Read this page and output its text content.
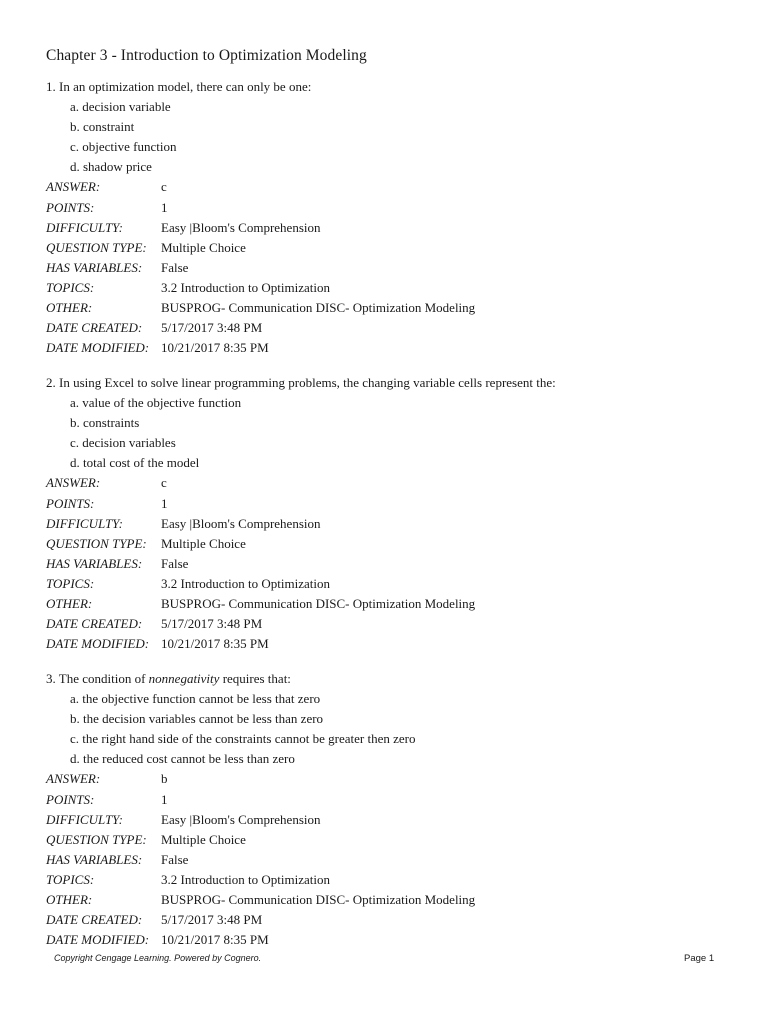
Chapter 3 - Introduction to Optimization Modeling
1. In an optimization model, there can only be one:
a. decision variable
b. constraint
c. objective function
d. shadow price
ANSWER:	c
POINTS:	1
DIFFICULTY:	Easy |Bloom's Comprehension
QUESTION TYPE:	Multiple Choice
HAS VARIABLES:	False
TOPICS:	3.2 Introduction to Optimization
OTHER:	BUSPROG- Communication DISC- Optimization Modeling
DATE CREATED:	5/17/2017 3:48 PM
DATE MODIFIED: 10/21/2017 8:35 PM
2. In using Excel to solve linear programming problems, the changing variable cells represent the:
a. value of the objective function
b. constraints
c. decision variables
d. total cost of the model
ANSWER:	c
POINTS:	1
DIFFICULTY:	Easy |Bloom's Comprehension
QUESTION TYPE:	Multiple Choice
HAS VARIABLES:	False
TOPICS:	3.2 Introduction to Optimization
OTHER:	BUSPROG- Communication DISC- Optimization Modeling
DATE CREATED:	5/17/2017 3:48 PM
DATE MODIFIED: 10/21/2017 8:35 PM
3. The condition of nonnegativity requires that:
a. the objective function cannot be less that zero
b. the decision variables cannot be less than zero
c. the right hand side of the constraints cannot be greater then zero
d. the reduced cost cannot be less than zero
ANSWER:	b
POINTS:	1
DIFFICULTY:	Easy |Bloom's Comprehension
QUESTION TYPE:	Multiple Choice
HAS VARIABLES:	False
TOPICS:	3.2 Introduction to Optimization
OTHER:	BUSPROG- Communication DISC- Optimization Modeling
DATE CREATED:	5/17/2017 3:48 PM
DATE MODIFIED: 10/21/2017 8:35 PM
Copyright Cengage Learning. Powered by Cognero.	Page 1
